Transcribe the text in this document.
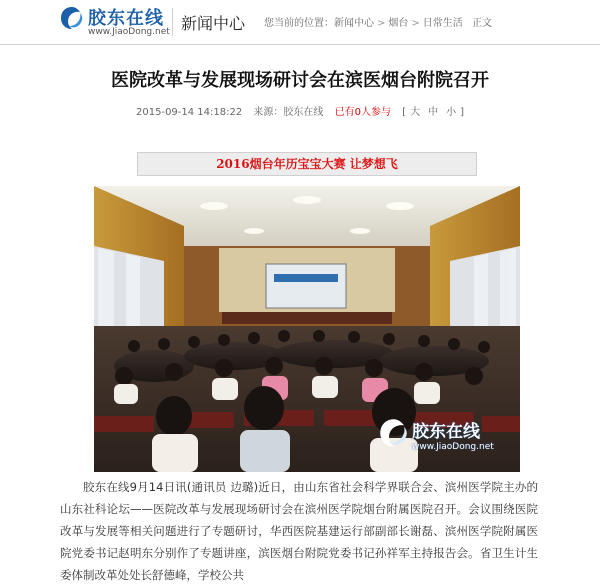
胶东在线
www.JiaoDong.net 新闻中心 您当前的位置：新闻中心 > 烟台 > 日常生活 正文
医院改革与发展现场研讨会在滨医烟台附院召开
2015-09-14 14:18:22 来源：胶东在线 已有0人参与 [ 大 中 小 ]
2016烟台年历宝宝大赛 让梦想飞
胶东在线
www.JiaoDong.net
胶东在线9月14日讯(通讯员 边璐)近日，由山东省社会科学界联合会、滨州医学院主办的山东社科论坛——医院改革与发展现场研讨会在滨州医学院烟台附属医院召开。会议围绕医院改革与发展等相关问题进行了专题研讨，华西医院基建运行部副部长谢磊、滨州医学院附属医院党委书记赵明东分别作了专题讲座，滨医烟台附院党委书记孙祥军主持报告会。省卫生计生委体制改革处处长舒德峰，学校公共
